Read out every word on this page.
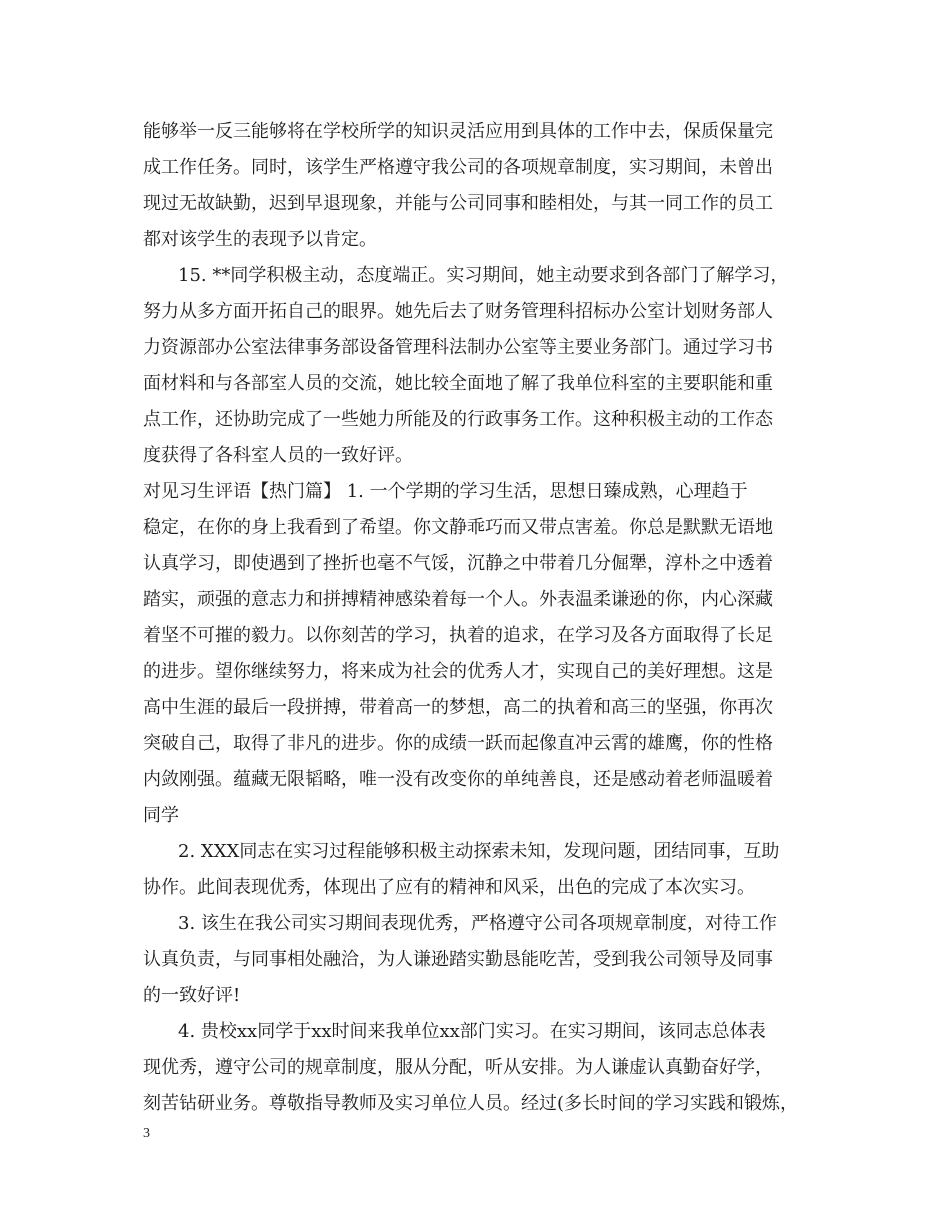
能够举一反三能够将在学校所学的知识灵活应用到具体的工作中去，保质保量完
成工作任务。同时，该学生严格遵守我公司的各项规章制度，实习期间，未曾出
现过无故缺勤，迟到早退现象，并能与公司同事和睦相处，与其一同工作的员工
都对该学生的表现予以肯定。
15. **同学积极主动，态度端正。实习期间，她主动要求到各部门了解学习，
努力从多方面开拓自己的眼界。她先后去了财务管理科招标办公室计划财务部人
力资源部办公室法律事务部设备管理科法制办公室等主要业务部门。通过学习书
面材料和与各部室人员的交流，她比较全面地了解了我单位科室的主要职能和重
点工作，还协助完成了一些她力所能及的行政事务工作。这种积极主动的工作态
度获得了各科室人员的一致好评。
对见习生评语【热门篇】 1. 一个学期的学习生活，思想日臻成熟，心理趋于
稳定，在你的身上我看到了希望。你文静乖巧而又带点害羞。你总是默默无语地
认真学习，即使遇到了挫折也毫不气馁，沉静之中带着几分倔犟，淳朴之中透着
踏实，顽强的意志力和拼搏精神感染着每一个人。外表温柔谦逊的你，内心深藏
着坚不可摧的毅力。以你刻苦的学习，执着的追求，在学习及各方面取得了长足
的进步。望你继续努力，将来成为社会的优秀人才，实现自己的美好理想。这是
高中生涯的最后一段拼搏，带着高一的梦想，高二的执着和高三的坚强，你再次
突破自己，取得了非凡的进步。你的成绩一跃而起像直冲云霄的雄鹰，你的性格
内敛刚强。蕴藏无限韬略，唯一没有改变你的单纯善良，还是感动着老师温暖着
同学
2. XXX同志在实习过程能够积极主动探索未知，发现问题，团结同事，互助
协作。此间表现优秀，体现出了应有的精神和风采，出色的完成了本次实习。
3. 该生在我公司实习期间表现优秀，严格遵守公司各项规章制度，对待工作
认真负责，与同事相处融洽，为人谦逊踏实勤恳能吃苦，受到我公司领导及同事
的一致好评!
4. 贵校xx同学于xx时间来我单位xx部门实习。在实习期间，该同志总体表
现优秀，遵守公司的规章制度，服从分配，听从安排。为人谦虚认真勤奋好学，
刻苦钻研业务。尊敬指导教师及实习单位人员。经过(多长时间的学习实践和锻炼，
3
